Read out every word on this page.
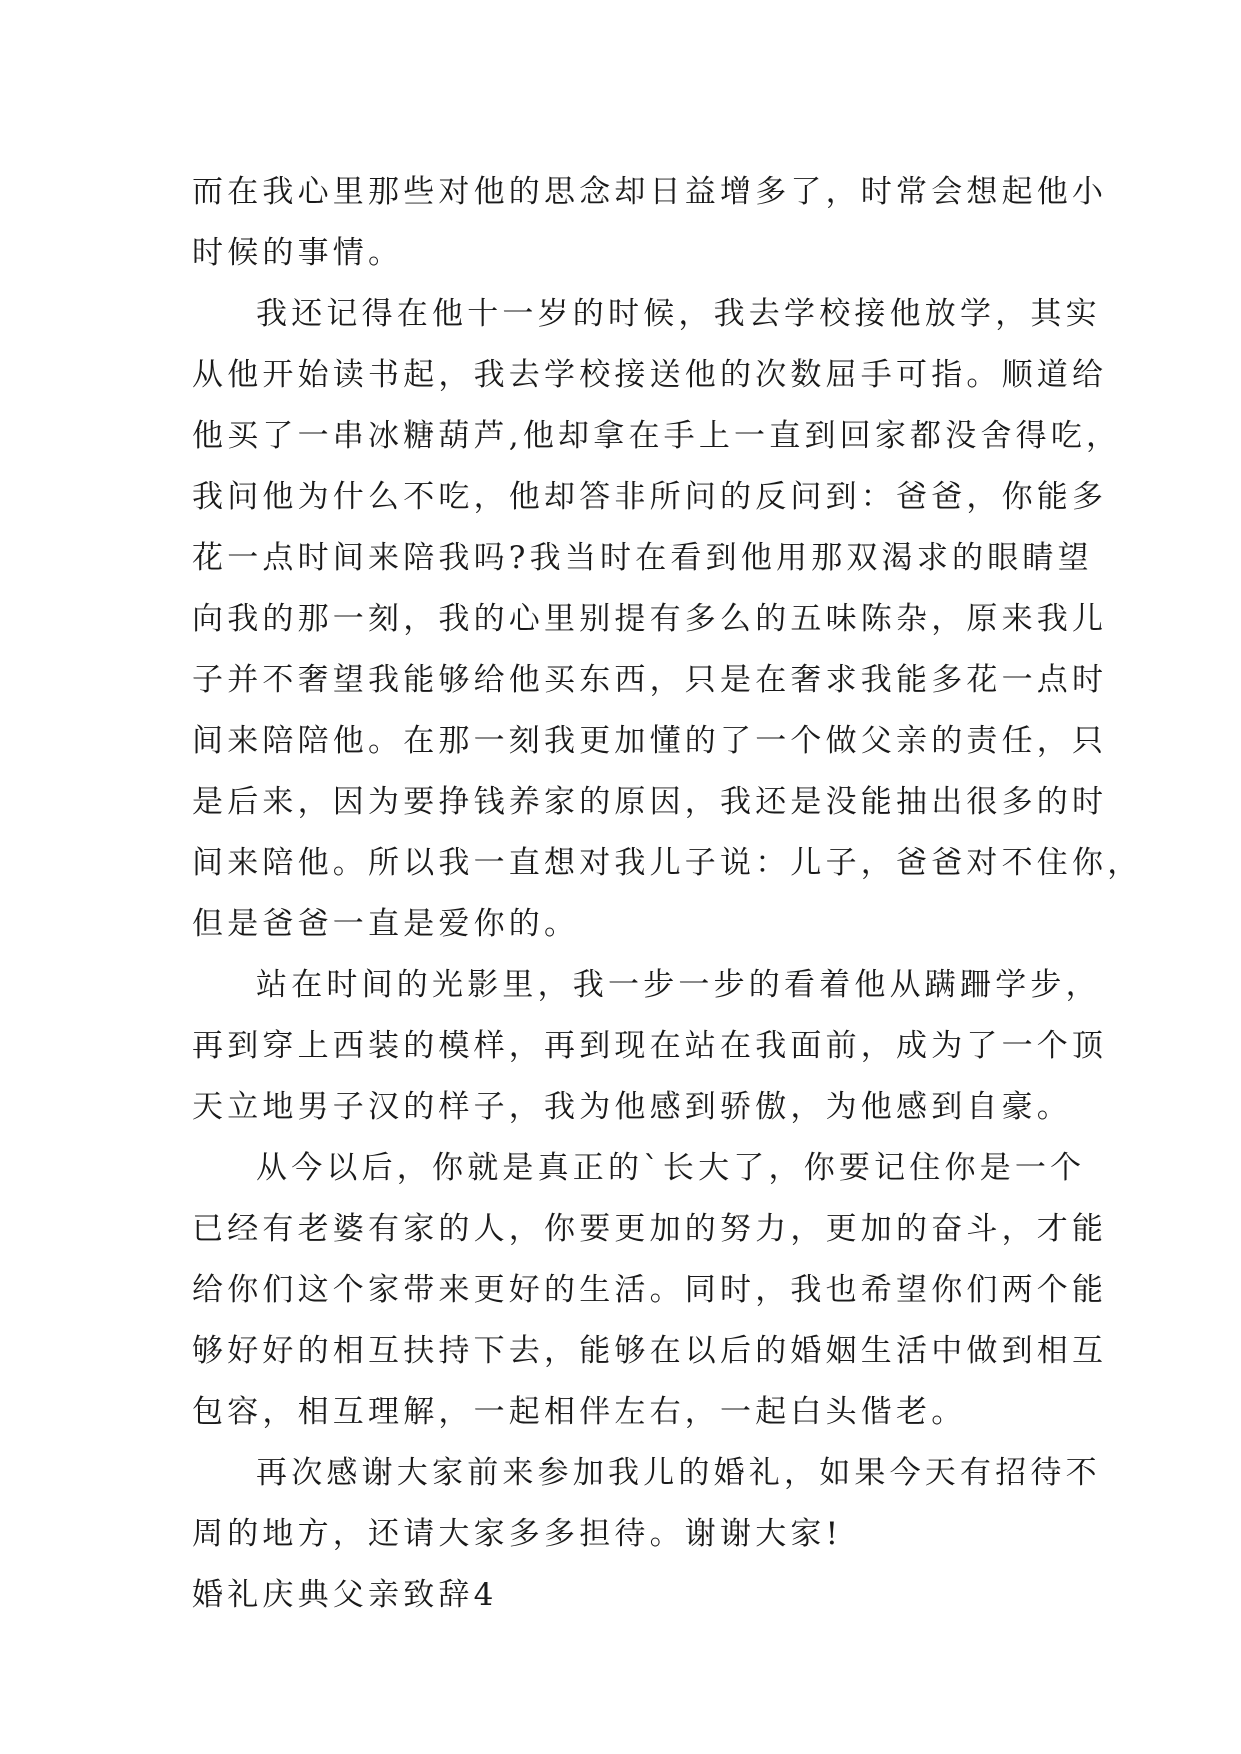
而在我心里那些对他的思念却日益增多了，时常会想起他小
时候的事情。
我还记得在他十一岁的时候，我去学校接他放学，其实
从他开始读书起，我去学校接送他的次数屈手可指。顺道给
他买了一串冰糖葫芦,他却拿在手上一直到回家都没舍得吃，
我问他为什么不吃，他却答非所问的反问到：爸爸，你能多
花一点时间来陪我吗?我当时在看到他用那双渴求的眼睛望
向我的那一刻，我的心里别提有多么的五味陈杂，原来我儿
子并不奢望我能够给他买东西，只是在奢求我能多花一点时
间来陪陪他。在那一刻我更加懂的了一个做父亲的责任，只
是后来，因为要挣钱养家的原因，我还是没能抽出很多的时
间来陪他。所以我一直想对我儿子说：儿子，爸爸对不住你，
但是爸爸一直是爱你的。
站在时间的光影里，我一步一步的看着他从蹒跚学步，
再到穿上西装的模样，再到现在站在我面前，成为了一个顶
天立地男子汉的样子，我为他感到骄傲，为他感到自豪。
从今以后，你就是真正的`长大了，你要记住你是一个
已经有老婆有家的人，你要更加的努力，更加的奋斗，才能
给你们这个家带来更好的生活。同时，我也希望你们两个能
够好好的相互扶持下去，能够在以后的婚姻生活中做到相互
包容，相互理解，一起相伴左右，一起白头偕老。
再次感谢大家前来参加我儿的婚礼，如果今天有招待不
周的地方，还请大家多多担待。谢谢大家!
婚礼庆典父亲致辞4
